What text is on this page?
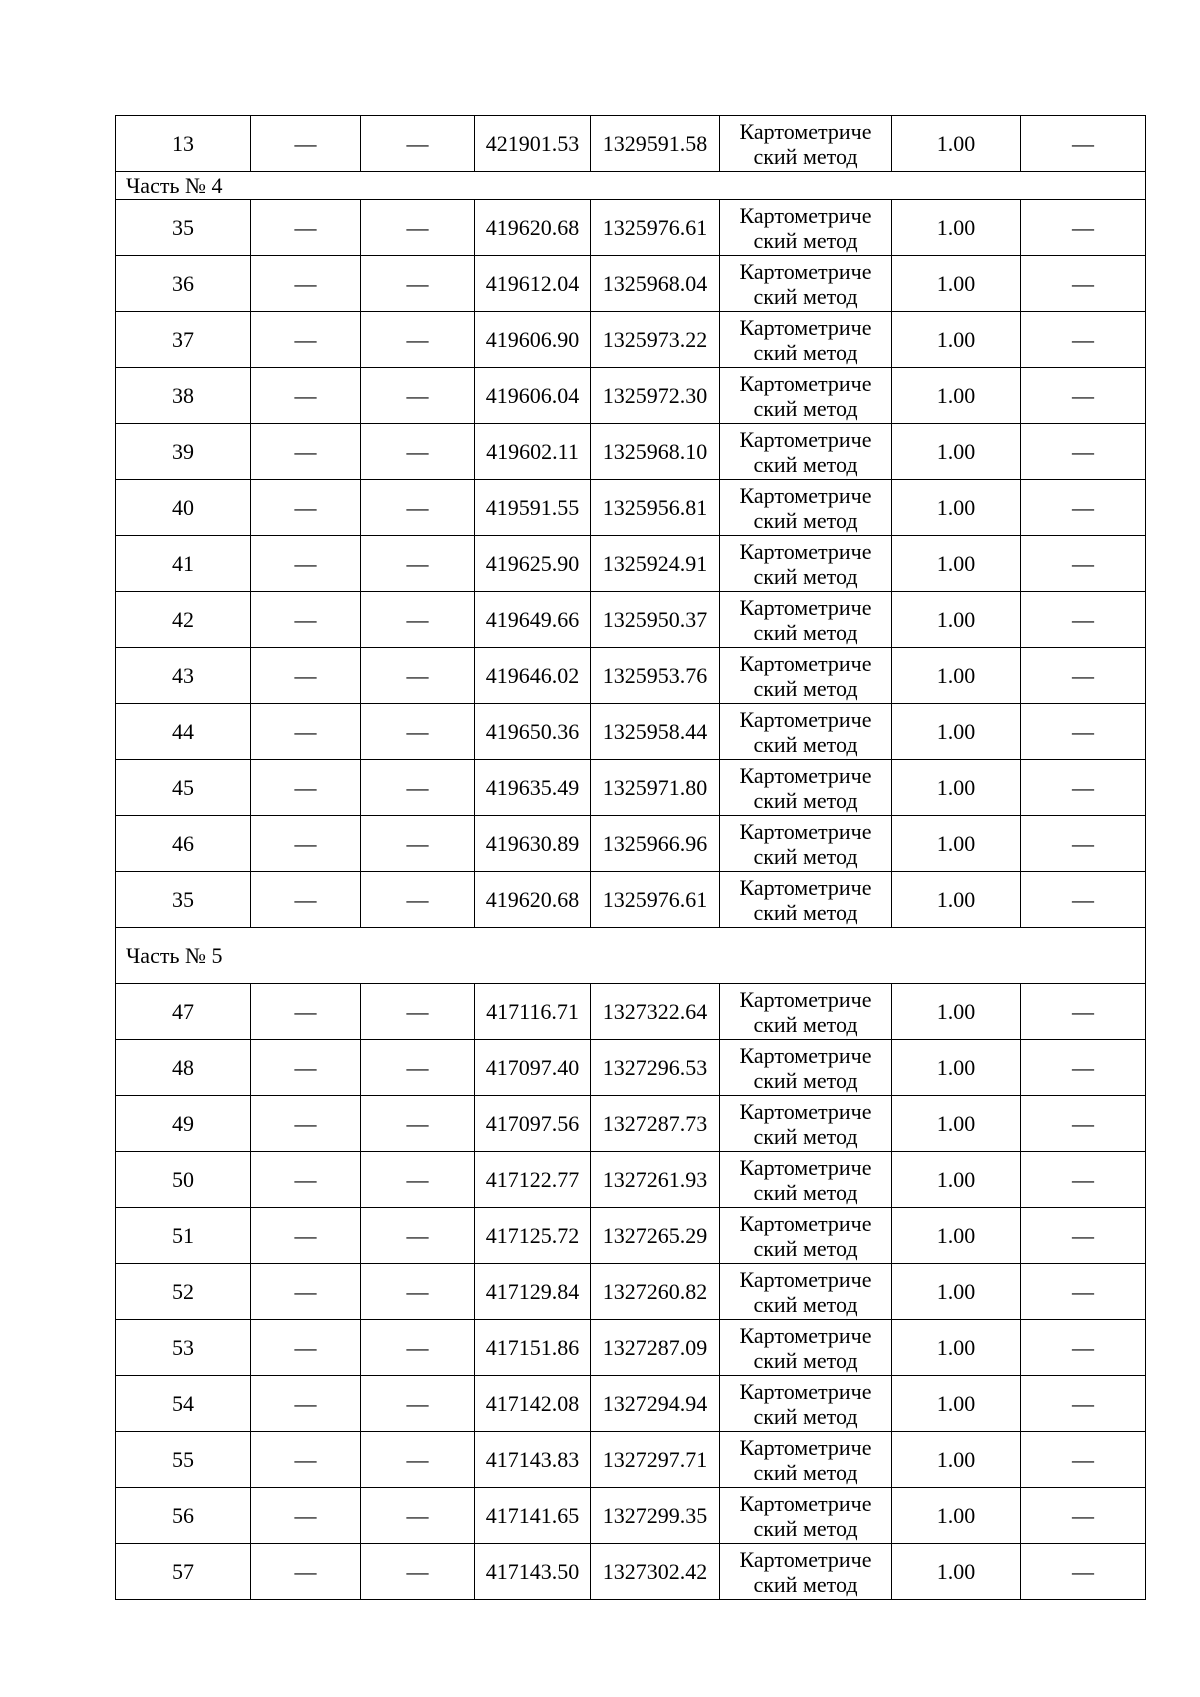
13	—	—	421901.53	1329591.58	Картометриче
ский метод	1.00	—
Часть № 4							
35	—	—	419620.68	1325976.61	Картометриче
ский метод	1.00	—
36	—	—	419612.04	1325968.04	Картометриче
ский метод	1.00	—
37	—	—	419606.90	1325973.22	Картометриче
ский метод	1.00	—
38	—	—	419606.04	1325972.30	Картометриче
ский метод	1.00	—
39	—	—	419602.11	1325968.10	Картометриче
ский метод	1.00	—
40	—	—	419591.55	1325956.81	Картометриче
ский метод	1.00	—
41	—	—	419625.90	1325924.91	Картометриче
ский метод	1.00	—
42	—	—	419649.66	1325950.37	Картометриче
ский метод	1.00	—
43	—	—	419646.02	1325953.76	Картометриче
ский метод	1.00	—
44	—	—	419650.36	1325958.44	Картометриче
ский метод	1.00	—
45	—	—	419635.49	1325971.80	Картометриче
ский метод	1.00	—
46	—	—	419630.89	1325966.96	Картометриче
ский метод	1.00	—
35	—	—	419620.68	1325976.61	Картометриче
ский метод	1.00	—
Часть № 5							
47	—	—	417116.71	1327322.64	Картометриче
ский метод	1.00	—
48	—	—	417097.40	1327296.53	Картометриче
ский метод	1.00	—
49	—	—	417097.56	1327287.73	Картометриче
ский метод	1.00	—
50	—	—	417122.77	1327261.93	Картометриче
ский метод	1.00	—
51	—	—	417125.72	1327265.29	Картометриче
ский метод	1.00	—
52	—	—	417129.84	1327260.82	Картометриче
ский метод	1.00	—
53	—	—	417151.86	1327287.09	Картометриче
ский метод	1.00	—
54	—	—	417142.08	1327294.94	Картометриче
ский метод	1.00	—
55	—	—	417143.83	1327297.71	Картометриче
ский метод	1.00	—
56	—	—	417141.65	1327299.35	Картометриче
ский метод	1.00	—
57	—	—	417143.50	1327302.42	Картометриче
ский метод	1.00	—
